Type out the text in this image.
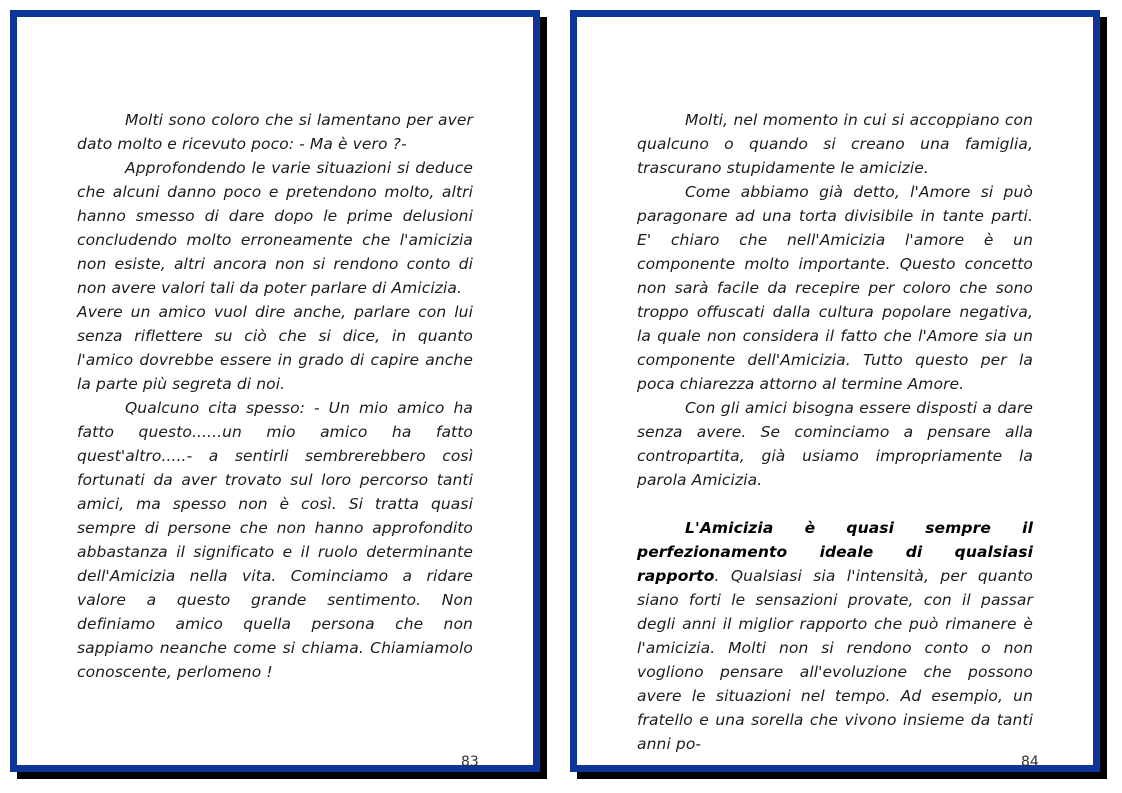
Molti sono coloro che si lamentano per aver dato molto e ricevuto poco: - Ma è vero ?-

Approfondendo le varie situazioni si deduce che alcuni danno poco e pretendono molto, altri hanno smesso di dare dopo le prime delusioni concludendo molto erroneamente che l'amicizia non esiste, altri ancora non si rendono conto di non avere valori tali da poter parlare di Amicizia.

Avere un amico vuol dire anche, parlare con lui senza riflettere su ciò che si dice, in quanto l'amico dovrebbe essere in grado di capire anche la parte più segreta di noi.

Qualcuno cita spesso: - Un mio amico ha fatto questo......un mio amico ha fatto quest'altro.....- a sentirli sembrerebbero così fortunati da aver trovato sul loro percorso tanti amici, ma spesso non è così. Si tratta quasi sempre di persone che non hanno approfondito abbastanza il significato e il ruolo determinante dell'Amicizia nella vita. Cominciamo a ridare valore a questo grande sentimento. Non definiamo amico quella persona che non sappiamo neanche come si chiama. Chiamiamolo conoscente, perlomeno !

83

Molti, nel momento in cui si accoppiano con qualcuno o quando si creano una famiglia, trascurano stupidamente le amicizie.

Come abbiamo già detto, l'Amore si può paragonare ad una torta divisibile in tante parti. E' chiaro che nell'Amicizia l'amore è un componente molto importante. Questo concetto non sarà facile da recepire per coloro che sono troppo offuscati dalla cultura popolare negativa, la quale non considera il fatto che l'Amore sia un componente dell'Amicizia. Tutto questo per la poca chiarezza attorno al termine Amore.

Con gli amici bisogna essere disposti a dare senza avere. Se cominciamo a pensare alla contropartita, già usiamo impropriamente la parola Amicizia.

L'Amicizia è quasi sempre il perfezionamento ideale di qualsiasi rapporto. Qualsiasi sia l'intensità, per quanto siano forti le sensazioni provate, con il passar degli anni il miglior rapporto che può rimanere è l'amicizia. Molti non si rendono conto o non vogliono pensare all'evoluzione che possono avere le situazioni nel tempo. Ad esempio, un fratello e una sorella che vivono insieme da tanti anni po-

84
